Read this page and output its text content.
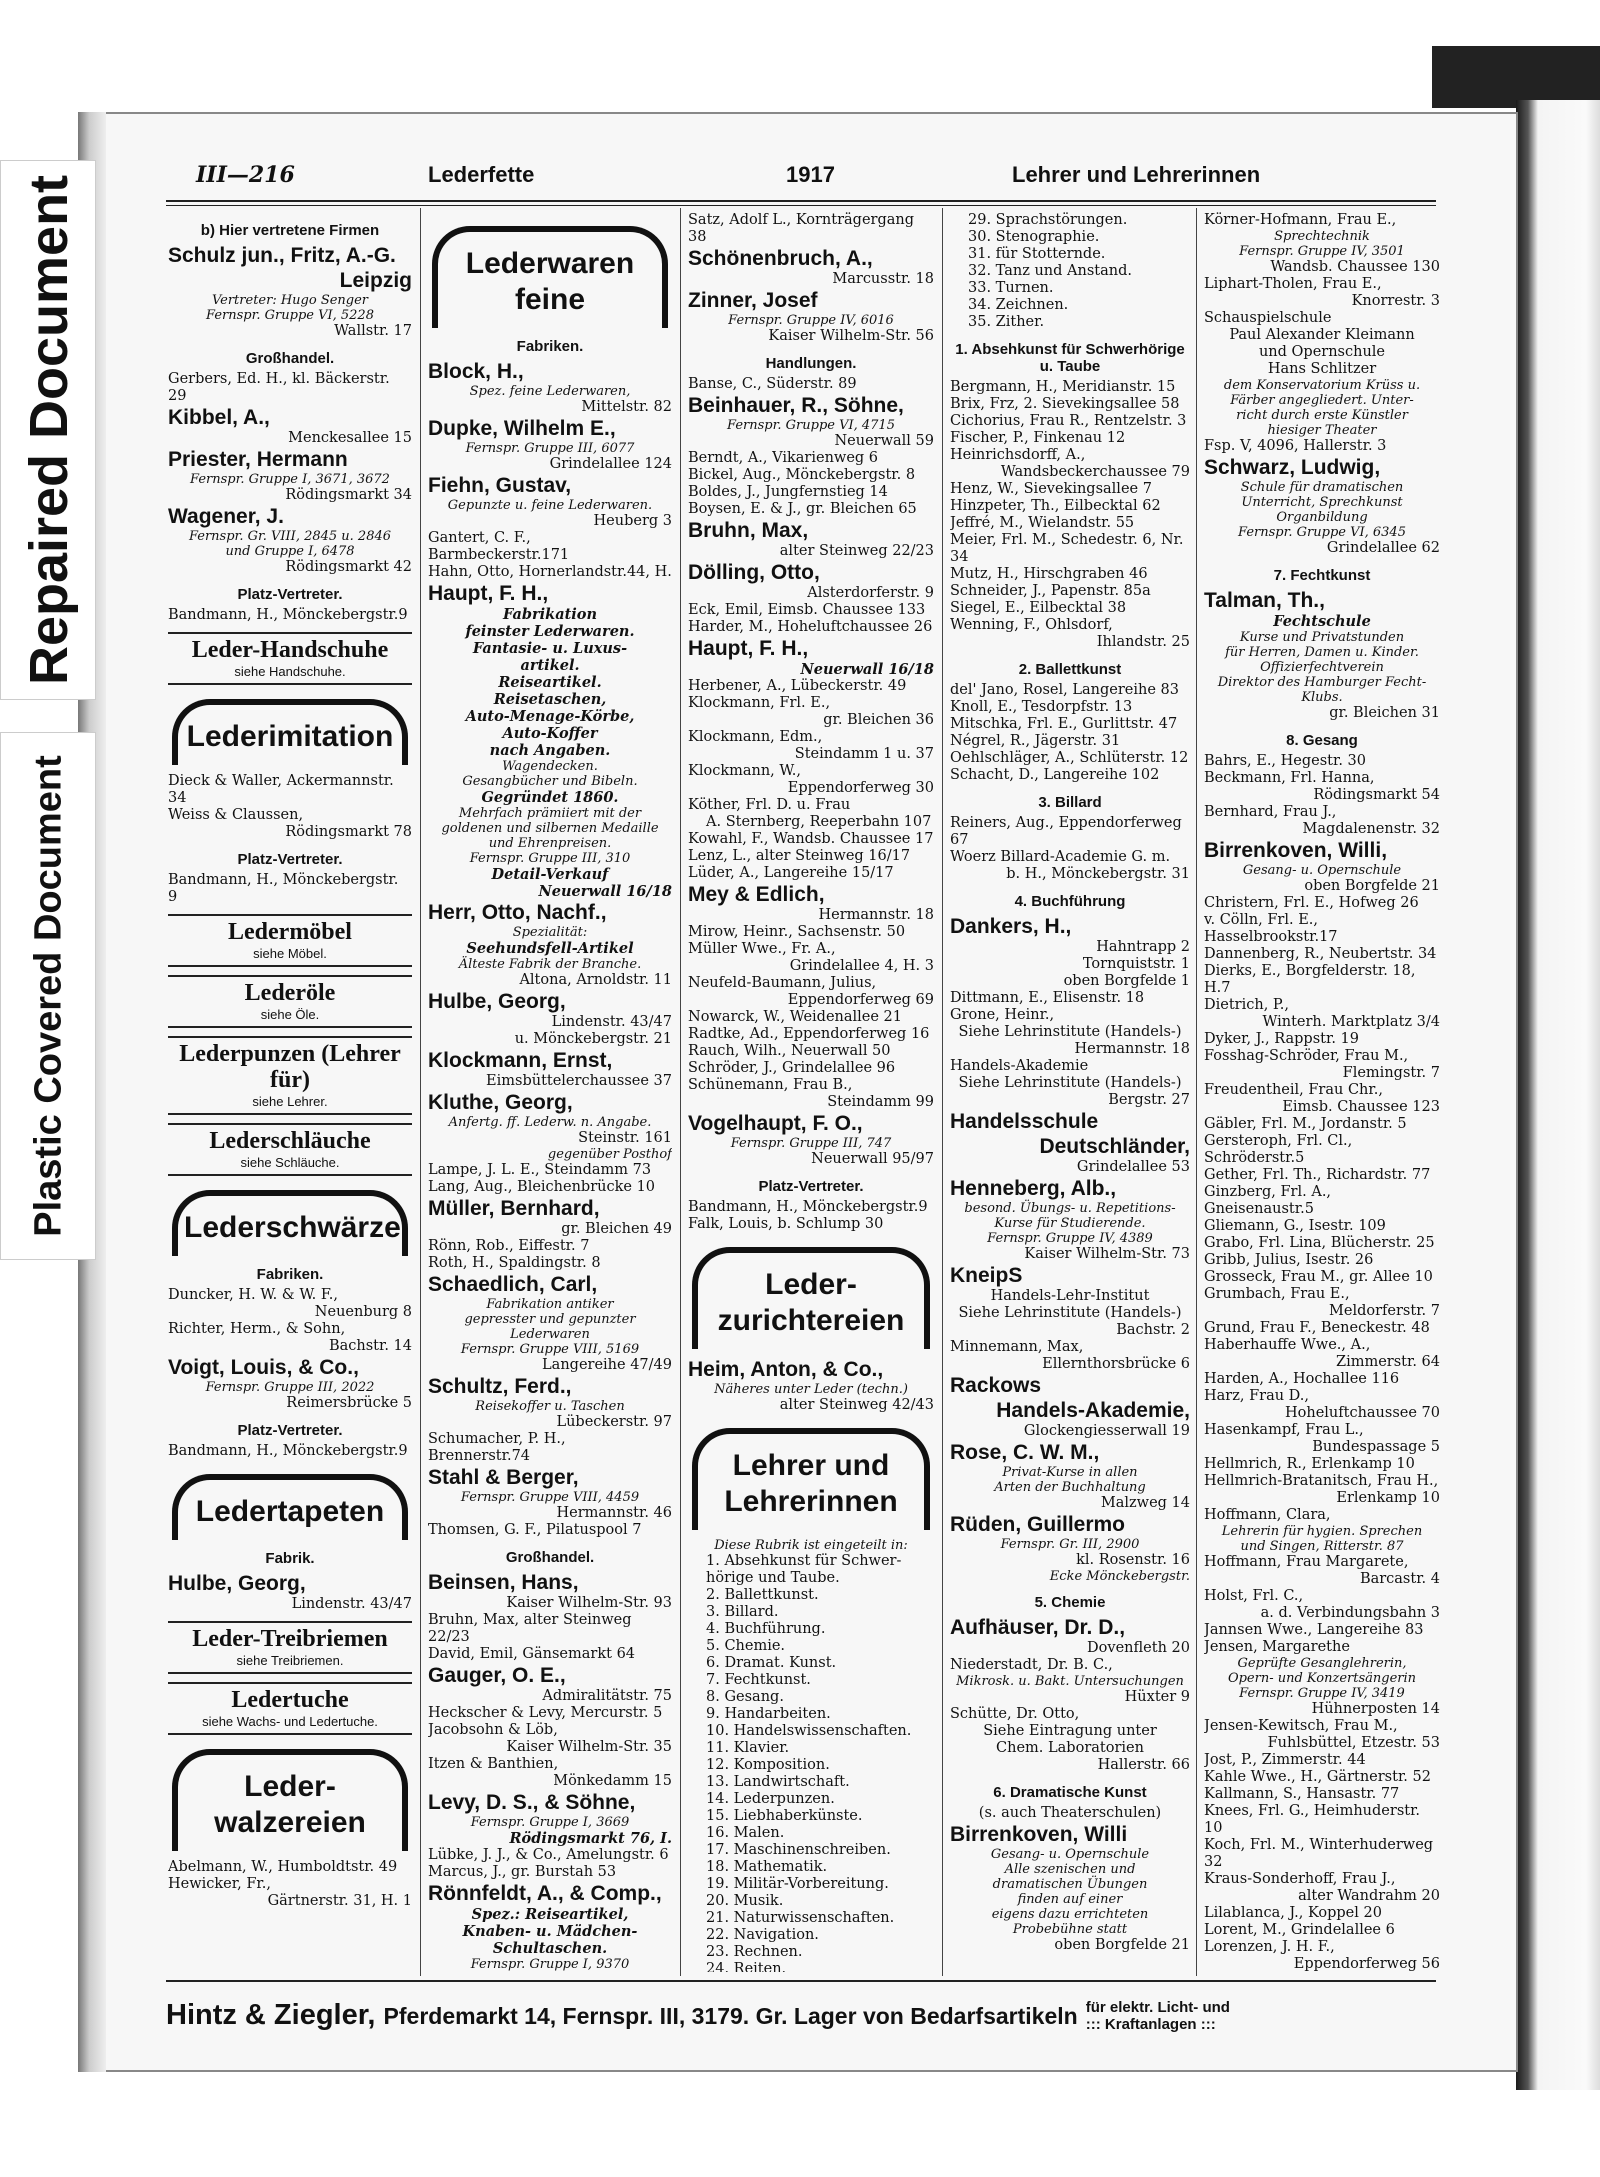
Repaired Document
Plastic Covered Document
III—216	Lederfette	1917	Lehrer und Lehrerinnen

b) Hier vertretene Firmen

Schulz jun., Fritz, A.-G.

Leipzig

Vertreter: Hugo Senger

Fernspr. Gruppe VI, 5228

Wallstr. 17

Großhandel.

Gerbers, Ed. H., kl. Bäckerstr. 29

Kibbel, A.,

Menckesallee 15

Priester, Hermann

Fernspr. Gruppe I, 3671, 3672

Rödingsmarkt 34

Wagener, J.

Fernspr. Gr. VIII, 2845 u. 2846

und Gruppe I, 6478

Rödingsmarkt 42

Platz-Vertreter.

Bandmann, H., Mönckebergstr.9

Leder-Handschuhe
siehe Handschuhe.
Lederimitation

Dieck & Waller, Ackermannstr. 34

Weiss & Claussen,

Rödingsmarkt 78

Platz-Vertreter.

Bandmann, H., Mönckebergstr. 9

Ledermöbel
siehe Möbel.
Lederöle
siehe Öle.
Lederpunzen (Lehrer für)
siehe Lehrer.
Lederschläuche
siehe Schläuche.
Lederschwärze

Fabriken.

Duncker, H. W. & W. F.,

Neuenburg 8

Richter, Herm., & Sohn,

Bachstr. 14

Voigt, Louis, & Co.,

Fernspr. Gruppe III, 2022

Reimersbrücke 5

Platz-Vertreter.

Bandmann, H., Mönckebergstr.9

Ledertapeten

Fabrik.

Hulbe, Georg,

Lindenstr. 43/47

Leder-Treibriemen
siehe Treibriemen.
Ledertuche
siehe Wachs- und Ledertuche.
Leder- walzereien

Abelmann, W., Humboldtstr. 49

Hewicker, Fr.,

Gärtnerstr. 31, H. 1

Lederwaren feine

Fabriken.

Block, H.,

Spez. feine Lederwaren,

Mittelstr. 82

Dupke, Wilhelm E.,

Fernspr. Gruppe III, 6077

Grindelallee 124

Fiehn, Gustav,

Gepunzte u. feine Lederwaren.

Heuberg 3

Gantert, C. F., Barmbeckerstr.171

Hahn, Otto, Hornerlandstr.44, H.

Haupt, F. H.,

Fabrikation

feinster Lederwaren.

Fantasie- u. Luxus-

artikel.

Reiseartikel.

Reisetaschen,

Auto-Menage-Körbe,

Auto-Koffer

nach Angaben.

Wagendecken.

Gesangbücher und Bibeln.

Gegründet 1860.

Mehrfach prämiiert mit der

goldenen und silbernen Medaille

und Ehrenpreisen.

Fernspr. Gruppe III, 310

Detail-Verkauf

Neuerwall 16/18

Herr, Otto, Nachf.,

Spezialität:

Seehundsfell-Artikel

Älteste Fabrik der Branche.

Altona, Arnoldstr. 11

Hulbe, Georg,

Lindenstr. 43/47

u. Mönckebergstr. 21

Klockmann, Ernst,

Eimsbüttelerchaussee 37

Kluthe, Georg,

Anfertg. ff. Lederw. n. Angabe.

Steinstr. 161

gegenüber Posthof

Lampe, J. L. E., Steindamm 73

Lang, Aug., Bleichenbrücke 10

Müller, Bernhard,

gr. Bleichen 49

Rönn, Rob., Eiffestr. 7

Roth, H., Spaldingstr. 8

Schaedlich, Carl,

Fabrikation antiker

gepresster und gepunzter

Lederwaren

Fernspr. Gruppe VIII, 5169

Langereihe 47/49

Schultz, Ferd.,

Reisekoffer u. Taschen

Lübeckerstr. 97

Schumacher, P. H., Brennerstr.74

Stahl & Berger,

Fernspr. Gruppe VIII, 4459

Hermannstr. 46

Thomsen, G. F., Pilatuspool 7

Großhandel.

Beinsen, Hans,

Kaiser Wilhelm-Str. 93

Bruhn, Max, alter Steinweg 22/23

David, Emil, Gänsemarkt 64

Gauger, O. E.,

Admiralitätstr. 75

Heckscher & Levy, Mercurstr. 5

Jacobsohn & Löb,

Kaiser Wilhelm-Str. 35

Itzen & Banthien,

Mönkedamm 15

Levy, D. S., & Söhne,

Fernspr. Gruppe I, 3669

Rödingsmarkt 76, I.

Lübke, J. J., & Co., Amelungstr. 6

Marcus, J., gr. Burstah 53

Rönnfeldt, A., & Comp.,

Spez.: Reiseartikel,

Knaben- u. Mädchen-

Schultaschen.

Fernspr. Gruppe I, 9370

Satz, Adolf L., Kornträgergang 38

Schönenbruch, A.,

Marcusstr. 18

Zinner, Josef

Fernspr. Gruppe IV, 6016

Kaiser Wilhelm-Str. 56

Handlungen.

Banse, C., Süderstr. 89

Beinhauer, R., Söhne,

Fernspr. Gruppe VI, 4715

Neuerwall 59

Berndt, A., Vikarienweg 6

Bickel, Aug., Mönckebergstr. 8

Boldes, J., Jungfernstieg 14

Boysen, E. & J., gr. Bleichen 65

Bruhn, Max,

alter Steinweg 22/23

Dölling, Otto,

Alsterdorferstr. 9

Eck, Emil, Eimsb. Chaussee 133

Harder, M., Hoheluftchaussee 26

Haupt, F. H.,

Neuerwall 16/18

Herbener, A., Lübeckerstr. 49

Klockmann, Frl. E.,

gr. Bleichen 36

Klockmann, Edm.,

Steindamm 1 u. 37

Klockmann, W.,

Eppendorferweg 30

Köther, Frl. D. u. Frau

A. Sternberg, Reeperbahn 107

Kowahl, F., Wandsb. Chaussee 17

Lenz, L., alter Steinweg 16/17

Lüder, A., Langereihe 15/17

Mey & Edlich,

Hermannstr. 18

Mirow, Heinr., Sachsenstr. 50

Müller Wwe., Fr. A.,

Grindelallee 4, H. 3

Neufeld-Baumann, Julius,

Eppendorferweg 69

Nowarck, W., Weidenallee 21

Radtke, Ad., Eppendorferweg 16

Rauch, Wilh., Neuerwall 50

Schröder, J., Grindelallee 96

Schünemann, Frau B.,

Steindamm 99

Vogelhaupt, F. O.,

Fernspr. Gruppe III, 747

Neuerwall 95/97

Platz-Vertreter.

Bandmann, H., Mönckebergstr.9

Falk, Louis, b. Schlump 30

Leder- zurichtereien

Heim, Anton, & Co.,

Näheres unter Leder (techn.)

alter Steinweg 42/43

Lehrer und Lehrerinnen

Diese Rubrik ist eingeteilt in:

1. Absehkunst für Schwer-

hörige und Taube.

2. Ballettkunst.

3. Billard.

4. Buchführung.

5. Chemie.

6. Dramat. Kunst.

7. Fechtkunst.

8. Gesang.

9. Handarbeiten.

10. Handelswissenschaften.

11. Klavier.

12. Komposition.

13. Landwirtschaft.

14. Lederpunzen.

15. Liebhaberkünste.

16. Malen.

17. Maschinenschreiben.

18. Mathematik.

19. Militär-Vorbereitung.

20. Musik.

21. Naturwissenschaften.

22. Navigation.

23. Rechnen.

24. Reiten.

29. Sprachstörungen.

30. Stenographie.

31. für Stotternde.

32. Tanz und Anstand.

33. Turnen.

34. Zeichnen.

35. Zither.

1. Absehkunst für Schwerhörige u. Taube

Bergmann, H., Meridianstr. 15

Brix, Frz, 2. Sievekingsallee 58

Cichorius, Frau R., Rentzelstr. 3

Fischer, P., Finkenau 12

Heinrichsdorff, A.,

Wandsbeckerchaussee 79

Henz, W., Sievekingsallee 7

Hinzpeter, Th., Eilbecktal 62

Jeffré, M., Wielandstr. 55

Meier, Frl. M., Schedestr. 6, Nr. 34

Mutz, H., Hirschgraben 46

Schneider, J., Papenstr. 85a

Siegel, E., Eilbecktal 38

Wenning, F., Ohlsdorf,

Ihlandstr. 25

2. Ballettkunst

del' Jano, Rosel, Langereihe 83

Knoll, E., Tesdorpfstr. 13

Mitschka, Frl. E., Gurlittstr. 47

Négrel, R., Jägerstr. 31

Oehlschläger, A., Schlüterstr. 12

Schacht, D., Langereihe 102

3. Billard

Reiners, Aug., Eppendorferweg 67

Woerz Billard-Academie G. m.

b. H., Mönckebergstr. 31

4. Buchführung

Dankers, H.,

Hahntrapp 2

Tornquiststr. 1

oben Borgfelde 1

Dittmann, E., Elisenstr. 18

Grone, Heinr.,

Siehe Lehrinstitute (Handels-)

Hermannstr. 18

Handels-Akademie

Siehe Lehrinstitute (Handels-)

Bergstr. 27

Handelsschule

Deutschländer,

Grindelallee 53

Henneberg, Alb.,

besond. Übungs- u. Repetitions-

Kurse für Studierende.

Fernspr. Gruppe IV, 4389

Kaiser Wilhelm-Str. 73

KneipS

Handels-Lehr-Institut

Siehe Lehrinstitute (Handels-)

Bachstr. 2

Minnemann, Max,

Ellernthorsbrücke 6

Rackows

Handels-Akademie,

Glockengiesserwall 19

Rose, C. W. M.,

Privat-Kurse in allen

Arten der Buchhaltung

Malzweg 14

Rüden, Guillermo

Fernspr. Gr. III, 2900

kl. Rosenstr. 16

Ecke Mönckebergstr.

5. Chemie

Aufhäuser, Dr. D.,

Dovenfleth 20

Niederstadt, Dr. B. C.,

Mikrosk. u. Bakt. Untersuchungen

Hüxter 9

Schütte, Dr. Otto,

Siehe Eintragung unter

Chem. Laboratorien

Hallerstr. 66

6. Dramatische Kunst

(s. auch Theaterschulen)

Birrenkoven, Willi

Gesang- u. Opernschule

Alle szenischen und

dramatischen Übungen

finden auf einer

eigens dazu errichteten

Probebühne statt

oben Borgfelde 21

Körner-Hofmann, Frau E.,

Sprechtechnik

Fernspr. Gruppe IV, 3501

Wandsb. Chaussee 130

Liphart-Tholen, Frau E.,

Knorrestr. 3

Schauspielschule

Paul Alexander Kleimann

und Opernschule

Hans Schlitzer

dem Konservatorium Krüss u.

Färber angegliedert. Unter-

richt durch erste Künstler

hiesiger Theater

Fsp. V, 4096, Hallerstr. 3

Schwarz, Ludwig,

Schule für dramatischen

Unterricht, Sprechkunst

Organbildung

Fernspr. Gruppe VI, 6345

Grindelallee 62

7. Fechtkunst

Talman, Th.,

Fechtschule

Kurse und Privatstunden

für Herren, Damen u. Kinder.

Offizierfechtverein

Direktor des Hamburger Fecht-

Klubs.

gr. Bleichen 31

8. Gesang

Bahrs, E., Hegestr. 30

Beckmann, Frl. Hanna,

Rödingsmarkt 54

Bernhard, Frau J.,

Magdalenenstr. 32

Birrenkoven, Willi,

Gesang- u. Opernschule

oben Borgfelde 21

Christern, Frl. E., Hofweg 26

v. Cölln, Frl. E., Hasselbrookstr.17

Dannenberg, R., Neubertstr. 34

Dierks, E., Borgfelderstr. 18, H.7

Dietrich, P.,

Winterh. Marktplatz 3/4

Dyker, J., Rappstr. 19

Fosshag-Schröder, Frau M.,

Flemingstr. 7

Freudentheil, Frau Chr.,

Eimsb. Chaussee 123

Gäbler, Frl. M., Jordanstr. 5

Gersteroph, Frl. Cl., Schröderstr.5

Gether, Frl. Th., Richardstr. 77

Ginzberg, Frl. A., Gneisenaustr.5

Gliemann, G., Isestr. 109

Grabo, Frl. Lina, Blücherstr. 25

Gribb, Julius, Isestr. 26

Grosseck, Frau M., gr. Allee 10

Grumbach, Frau E.,

Meldorferstr. 7

Grund, Frau F., Beneckestr. 48

Haberhauffe Wwe., A.,

Zimmerstr. 64

Harden, A., Hochallee 116

Harz, Frau D.,

Hoheluftchaussee 70

Hasenkampf, Frau L.,

Bundespassage 5

Hellmrich, R., Erlenkamp 10

Hellmrich-Bratanitsch, Frau H.,

Erlenkamp 10

Hoffmann, Clara,

Lehrerin für hygien. Sprechen

und Singen, Ritterstr. 87

Hoffmann, Frau Margarete,

Barcastr. 4

Holst, Frl. C.,

a. d. Verbindungsbahn 3

Jannsen Wwe., Langereihe 83

Jensen, Margarethe

Geprüfte Gesanglehrerin,

Opern- und Konzertsängerin

Fernspr. Gruppe IV, 3419

Hühnerposten 14

Jensen-Kewitsch, Frau M.,

Fuhlsbüttel, Etzestr. 53

Jost, P., Zimmerstr. 44

Kahle Wwe., H., Gärtnerstr. 52

Kallmann, S., Hansastr. 77

Knees, Frl. G., Heimhuderstr. 10

Koch, Frl. M., Winterhuderweg 32

Kraus-Sonderhoff, Frau J.,

alter Wandrahm 20

Lilablanca, J., Koppel 20

Lorent, M., Grindelallee 6

Lorenzen, J. H. F.,

Eppendorferweg 56

Hintz & Ziegler, Pferdemarkt 14, Fernspr. III, 3179. Gr. Lager von Bedarfsartikeln für elektr. Licht- und
::: Kraftanlagen :::
